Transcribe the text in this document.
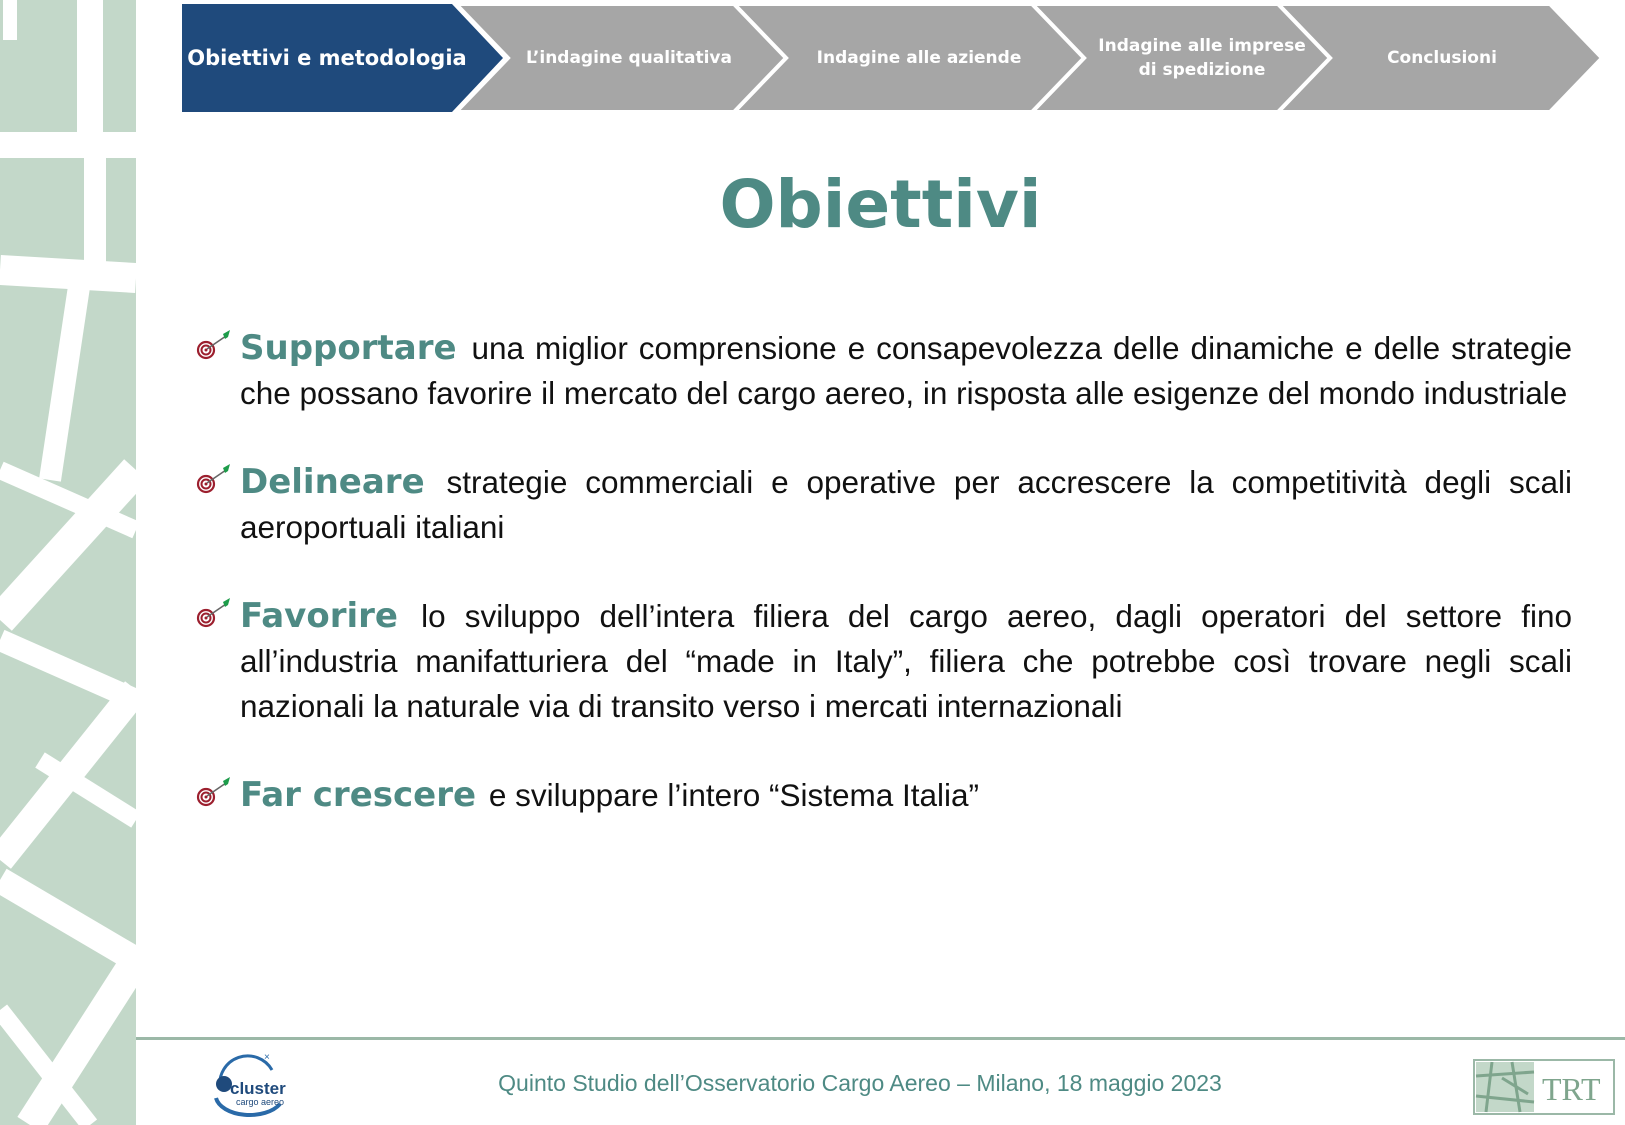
Obiettivi e metodologia	L’indagine qualitativa	Indagine alle aziende
Indagine alle imprese di spedizione
Conclusioni
Obiettivi

Supportare una miglior comprensione e consapevolezza delle dinamiche e delle strategie che possano favorire il mercato del cargo aereo, in risposta alle esigenze del mondo industriale

Delineare strategie commerciali e operative per accrescere la competitività degli scali aeroportuali italiani

Favorire lo sviluppo dell’intera filiera del cargo aereo, dagli operatori del settore fino all’industria manifatturiera del “made in Italy”, filiera che potrebbe così trovare negli scali nazionali la naturale via di transito verso i mercati internazionali

Far crescere e sviluppare l’intero “Sistema Italia”

cluster
cargo aereo
×
Quinto Studio dell’Osservatorio Cargo Aereo – Milano, 18 maggio 2023	TRT
